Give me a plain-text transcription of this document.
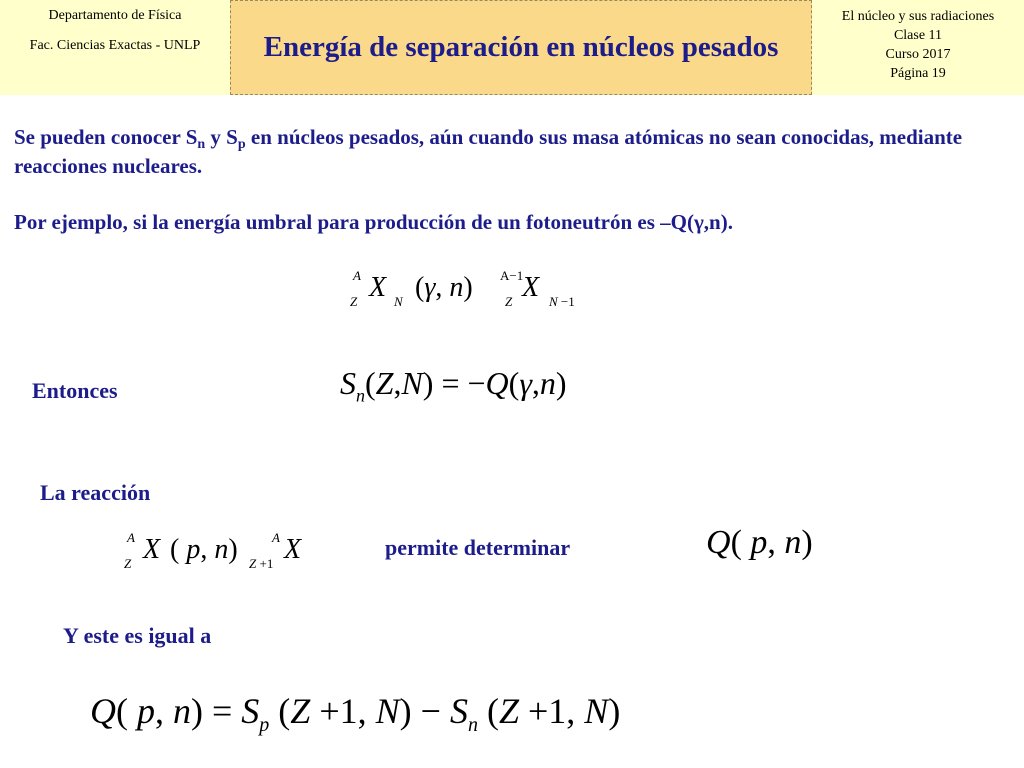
Departamento de Física
Fac. Ciencias Exactas - UNLP	Energía de separación en núcleos pesados
El núcleo y sus radiaciones
Clase 11
Curso 2017
Página 19
Se pueden conocer $S_n$ y $S_p$ en núcleos pesados, aún cuando sus masa atómicas no sean conocidas, mediante reacciones nucleares.
Por ejemplo, si la energía umbral para producción de un fotoneutrón es –Q(γ,n).
A
Z X N (γ, n) A−1
Z X N −1
Entonces	$S_n(Z,N) = -Q(\gamma,n)$
La reacción
A
Z X ( p, n)	A
Z +1 X	permite determinar	Q( p, n)
Y este es igual a
Q( p, $n) = S_p$ (Z +1, $N) - S_n$ (Z +1, N)
